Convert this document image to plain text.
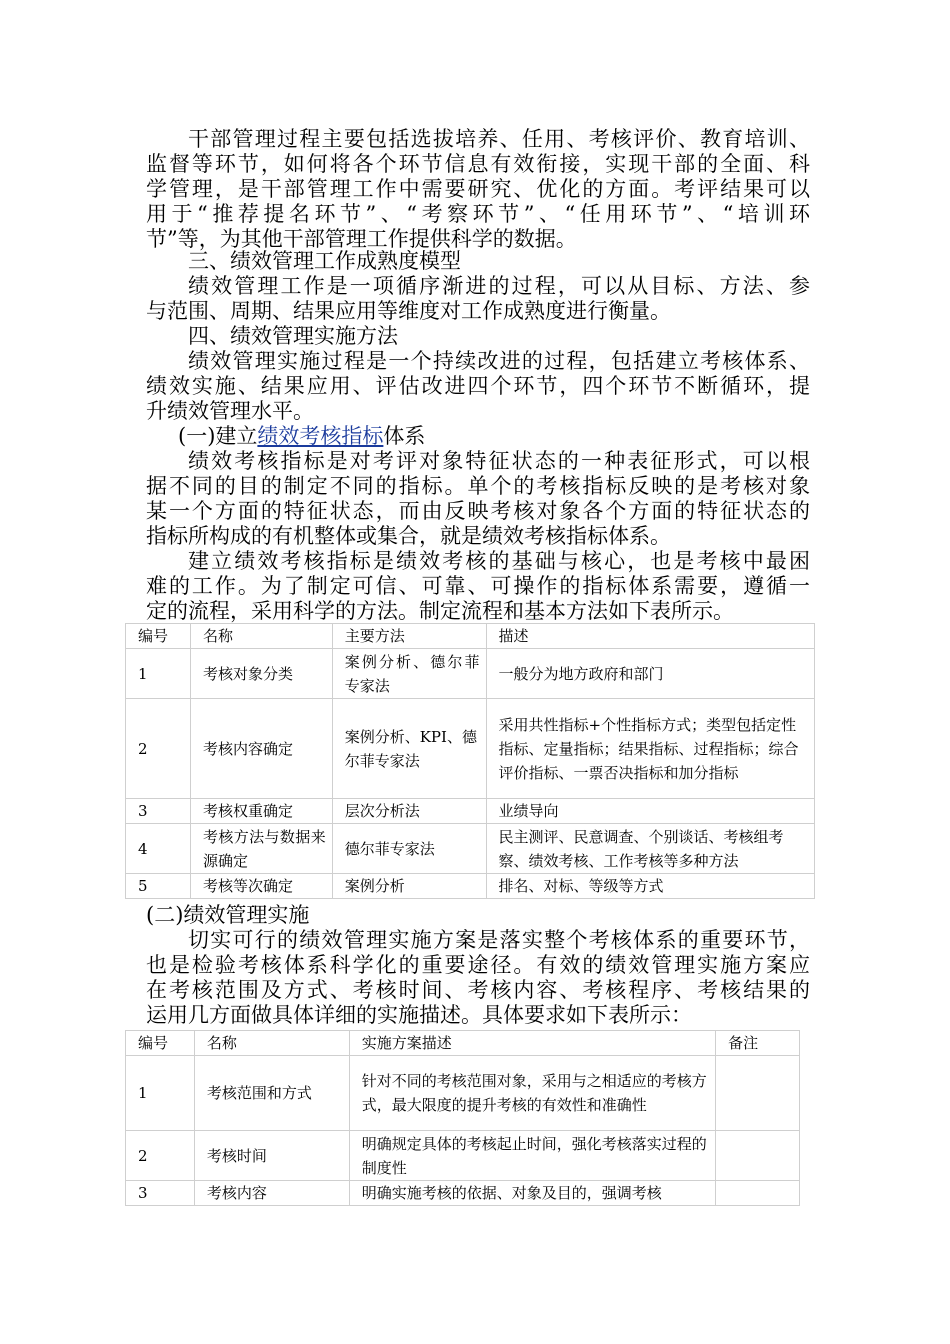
干部管理过程主要包括选拔培养、任用、考核评价、教育培训、
监督等环节，如何将各个环节信息有效衔接，实现干部的全面、科
学管理，是干部管理工作中需要研究、优化的方面。考评结果可以
用于“推荐提名环节”、“考察环节”、“任用环节”、“培训环
节”等，为其他干部管理工作提供科学的数据。
三、绩效管理工作成熟度模型
绩效管理工作是一项循序渐进的过程，可以从目标、方法、参
与范围、周期、结果应用等维度对工作成熟度进行衡量。
四、绩效管理实施方法
绩效管理实施过程是一个持续改进的过程，包括建立考核体系、
绩效实施、结果应用、评估改进四个环节，四个环节不断循环，提
升绩效管理水平。
(一)建立绩效考核指标体系
绩效考核指标是对考评对象特征状态的一种表征形式，可以根
据不同的目的制定不同的指标。单个的考核指标反映的是考核对象
某一个方面的特征状态，而由反映考核对象各个方面的特征状态的
指标所构成的有机整体或集合，就是绩效考核指标体系。
建立绩效考核指标是绩效考核的基础与核心，也是考核中最困
难的工作。为了制定可信、可靠、可操作的指标体系需要，遵循一
定的流程，采用科学的方法。制定流程和基本方法如下表所示。
编号	名称	主要方法	描述
1	考核对象分类	案例分析、德尔菲专家法	一般分为地方政府和部门
2	考核内容确定	案例分析、KPI、德尔菲专家法	采用共性指标+个性指标方式；类型包括定性指标、定量指标；结果指标、过程指标；综合评价指标、一票否决指标和加分指标
3	考核权重确定	层次分析法	业绩导向
4	考核方法与数据来源确定	德尔菲专家法	民主测评、民意调查、个别谈话、考核组考察、绩效考核、工作考核等多种方法
5	考核等次确定	案例分析	排名、对标、等级等方式
(二)绩效管理实施
切实可行的绩效管理实施方案是落实整个考核体系的重要环节，
也是检验考核体系科学化的重要途径。有效的绩效管理实施方案应
在考核范围及方式、考核时间、考核内容、考核程序、考核结果的
运用几方面做具体详细的实施描述。具体要求如下表所示：
编号	名称	实施方案描述	备注
1	考核范围和方式	针对不同的考核范围对象，采用与之相适应的考核方式，最大限度的提升考核的有效性和准确性	
2	考核时间	明确规定具体的考核起止时间，强化考核落实过程的制度性	
3	考核内容	明确实施考核的依据、对象及目的，强调考核	
